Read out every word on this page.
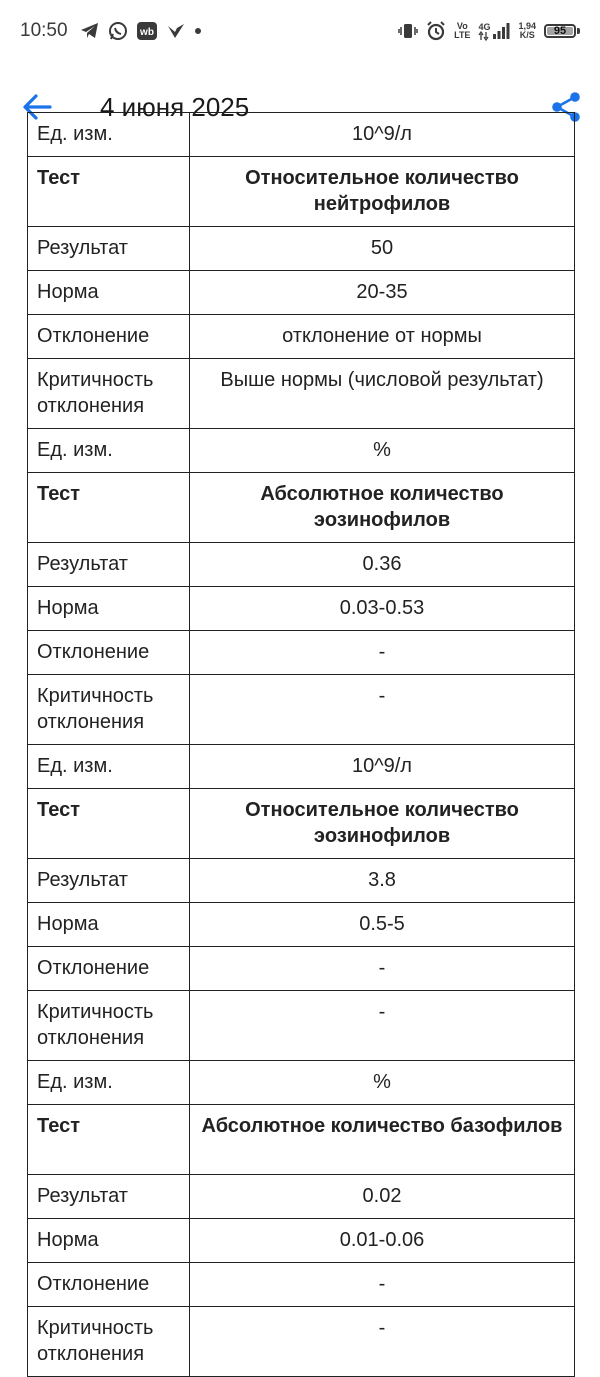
10:50	wb
Vo
LTE
4G	1,94
K/S	95
4 июня 2025
Ед. изм.	10^9/л
Тест	Относительное количество нейтрофилов
Результат	50
Норма	20-35
Отклонение	отклонение от нормы
Критичность отклонения	Выше нормы (числовой результат)
Ед. изм.	%
Тест	Абсолютное количество эозинофилов
Результат	0.36
Норма	0.03-0.53
Отклонение	-
Критичность отклонения	-
Ед. изм.	10^9/л
Тест	Относительное количество эозинофилов
Результат	3.8
Норма	0.5-5
Отклонение	-
Критичность отклонения	-
Ед. изм.	%
Тест	Абсолютное количество базофилов
Результат	0.02
Норма	0.01-0.06
Отклонение	-
Критичность отклонения	-
